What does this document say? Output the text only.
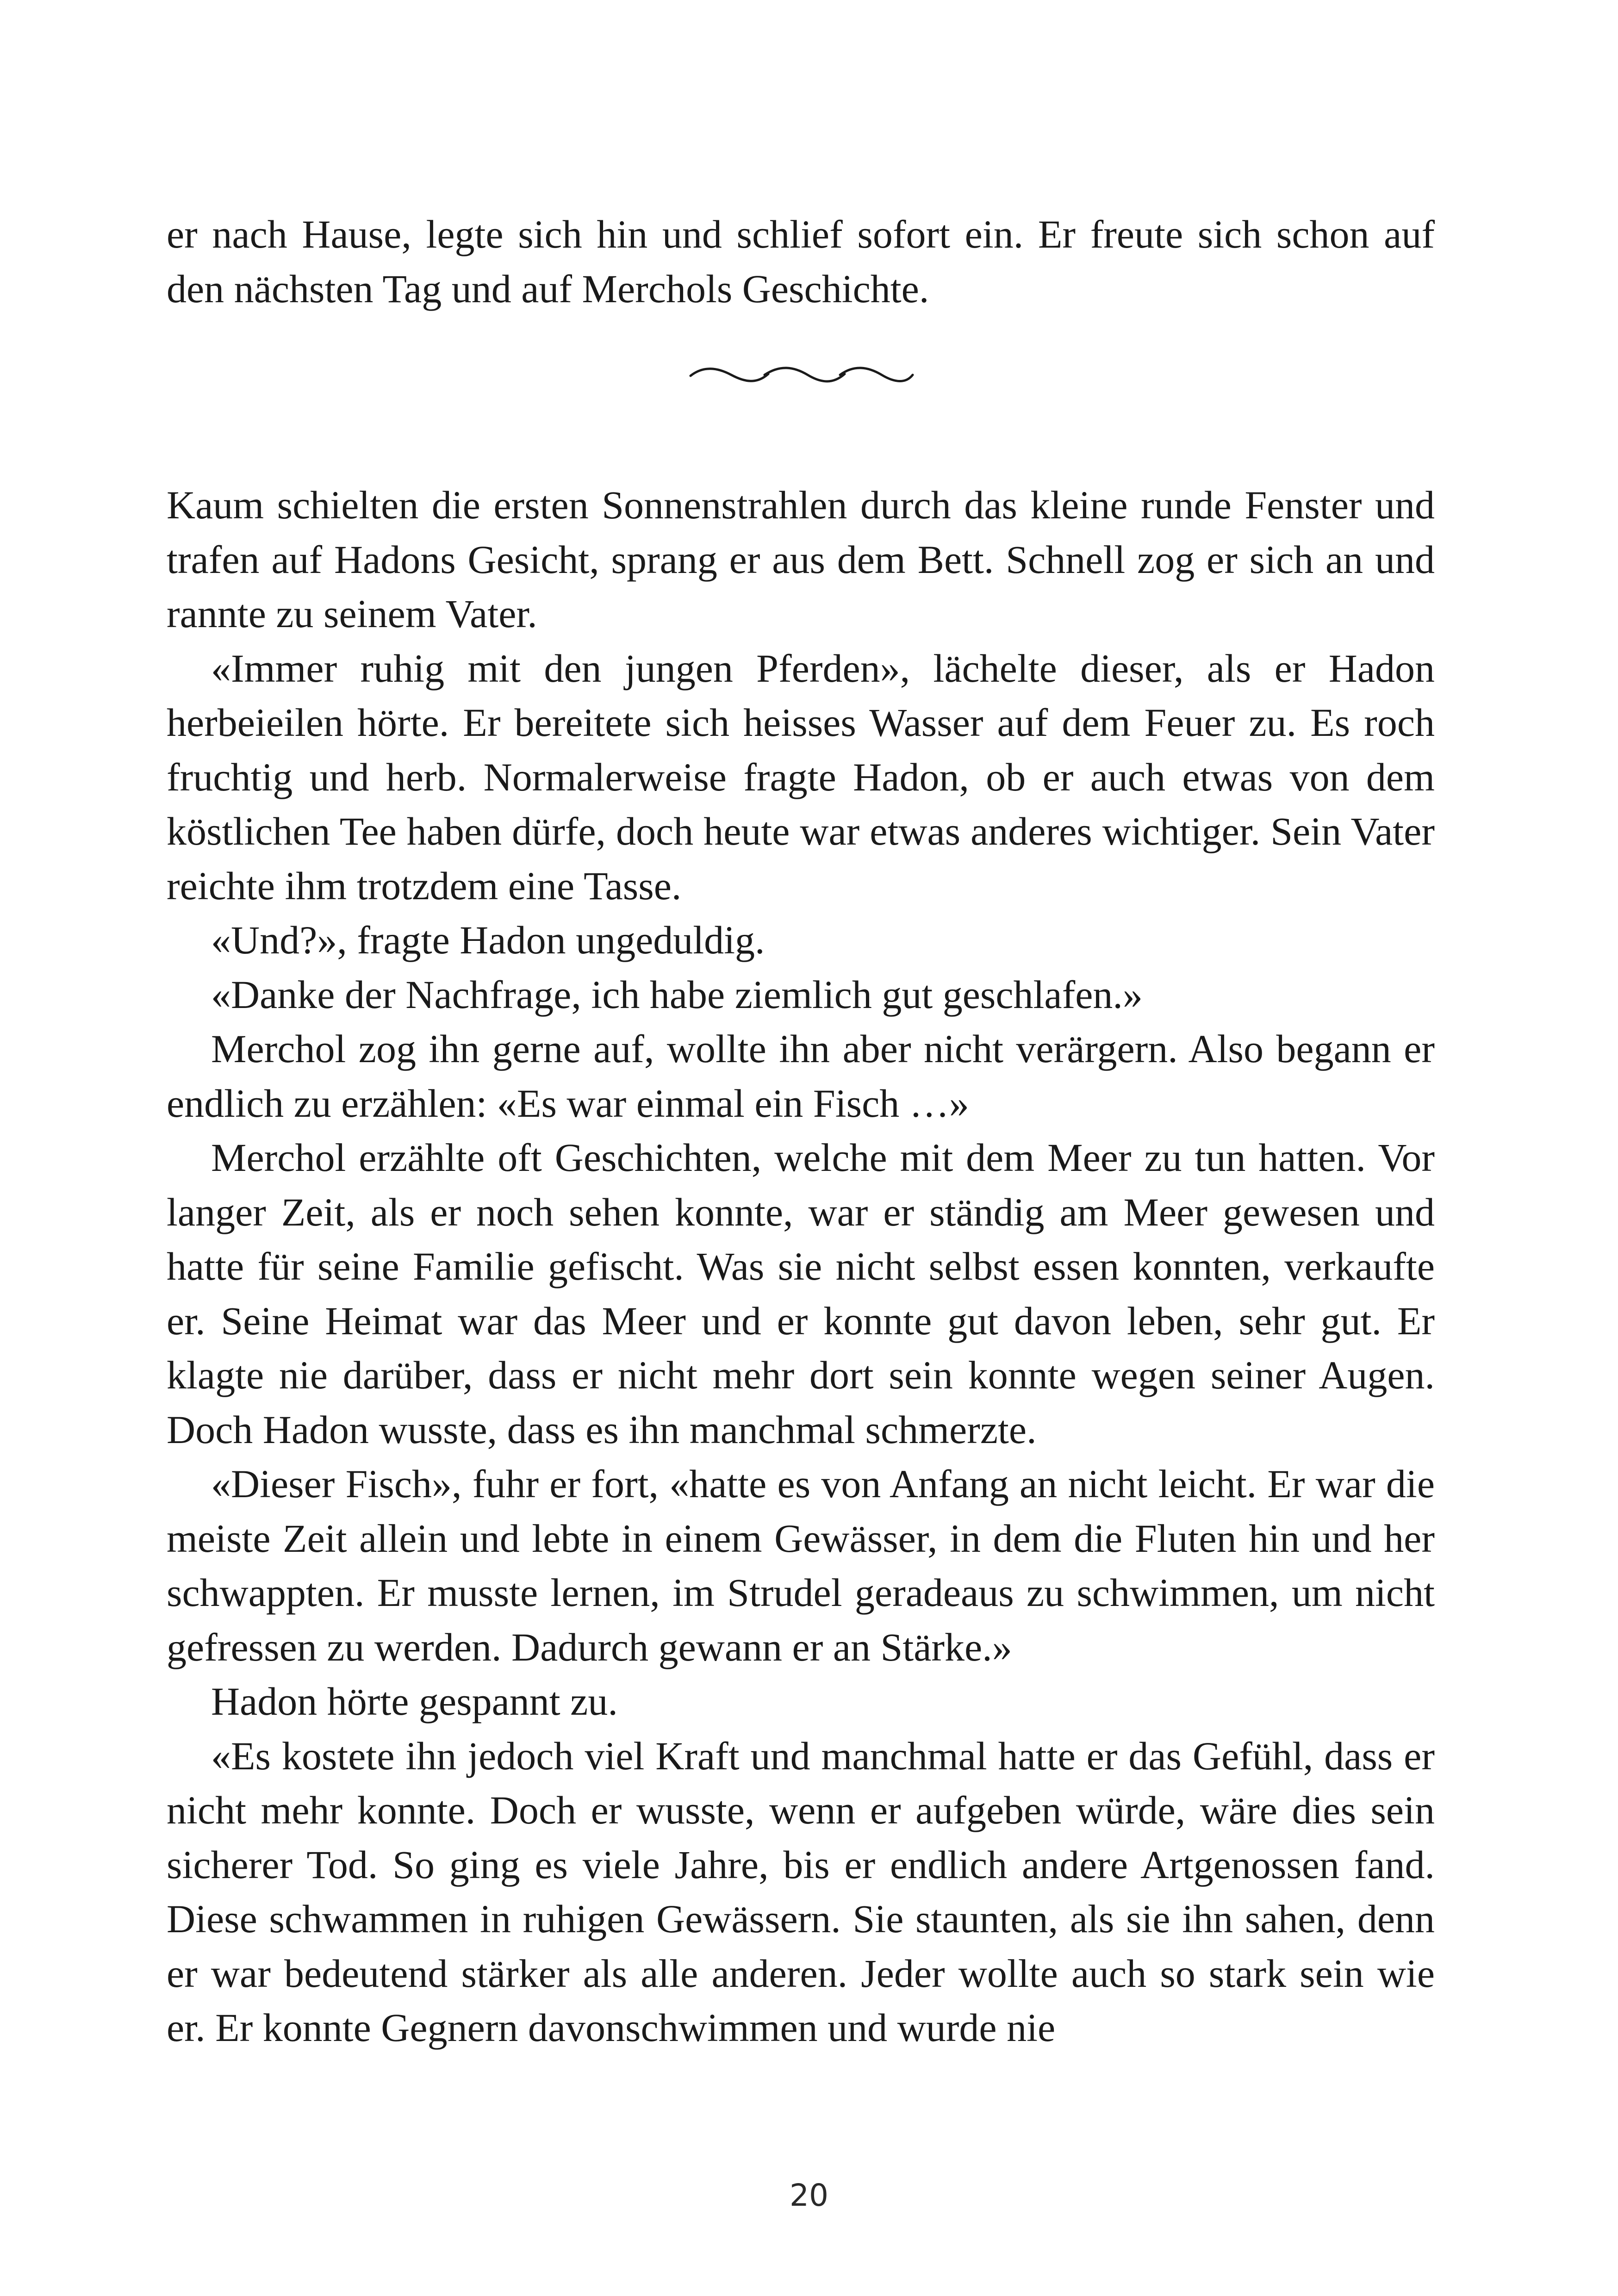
er nach Hause, legte sich hin und schlief sofort ein. Er freute sich schon auf den nächsten Tag und auf Merchols Geschichte.

Kaum schielten die ersten Sonnenstrahlen durch das kleine runde Fenster und trafen auf Hadons Gesicht, sprang er aus dem Bett. Schnell zog er sich an und rannte zu seinem Vater.

«Immer ruhig mit den jungen Pferden», lächelte dieser, als er Hadon herbeieilen hörte. Er bereitete sich heisses Wasser auf dem Feuer zu. Es roch fruchtig und herb. Normalerweise fragte Hadon, ob er auch etwas von dem köstlichen Tee haben dürfe, doch heute war etwas anderes wichtiger. Sein Vater reichte ihm trotzdem eine Tasse.

«Und?», fragte Hadon ungeduldig.

«Danke der Nachfrage, ich habe ziemlich gut geschlafen.»

Merchol zog ihn gerne auf, wollte ihn aber nicht verärgern. Also begann er endlich zu erzählen: «Es war einmal ein Fisch …»

Merchol erzählte oft Geschichten, welche mit dem Meer zu tun hatten. Vor langer Zeit, als er noch sehen konnte, war er ständig am Meer gewesen und hatte für seine Familie gefischt. Was sie nicht selbst essen konnten, verkaufte er. Seine Heimat war das Meer und er konnte gut davon leben, sehr gut. Er klagte nie darüber, dass er nicht mehr dort sein konnte wegen seiner Augen. Doch Hadon wusste, dass es ihn manchmal schmerzte.

«Dieser Fisch», fuhr er fort, «hatte es von Anfang an nicht leicht. Er war die meiste Zeit allein und lebte in einem Gewässer, in dem die Fluten hin und her schwappten. Er musste lernen, im Strudel geradeaus zu schwimmen, um nicht gefressen zu werden. Dadurch gewann er an Stärke.»

Hadon hörte gespannt zu.

«Es kostete ihn jedoch viel Kraft und manchmal hatte er das Gefühl, dass er nicht mehr konnte. Doch er wusste, wenn er aufgeben würde, wäre dies sein sicherer Tod. So ging es viele Jahre, bis er endlich andere Artgenossen fand. Diese schwammen in ruhigen Gewässern. Sie staunten, als sie ihn sahen, denn er war bedeutend stärker als alle anderen. Jeder wollte auch so stark sein wie er. Er konnte Gegnern davonschwimmen und wurde nie

20
